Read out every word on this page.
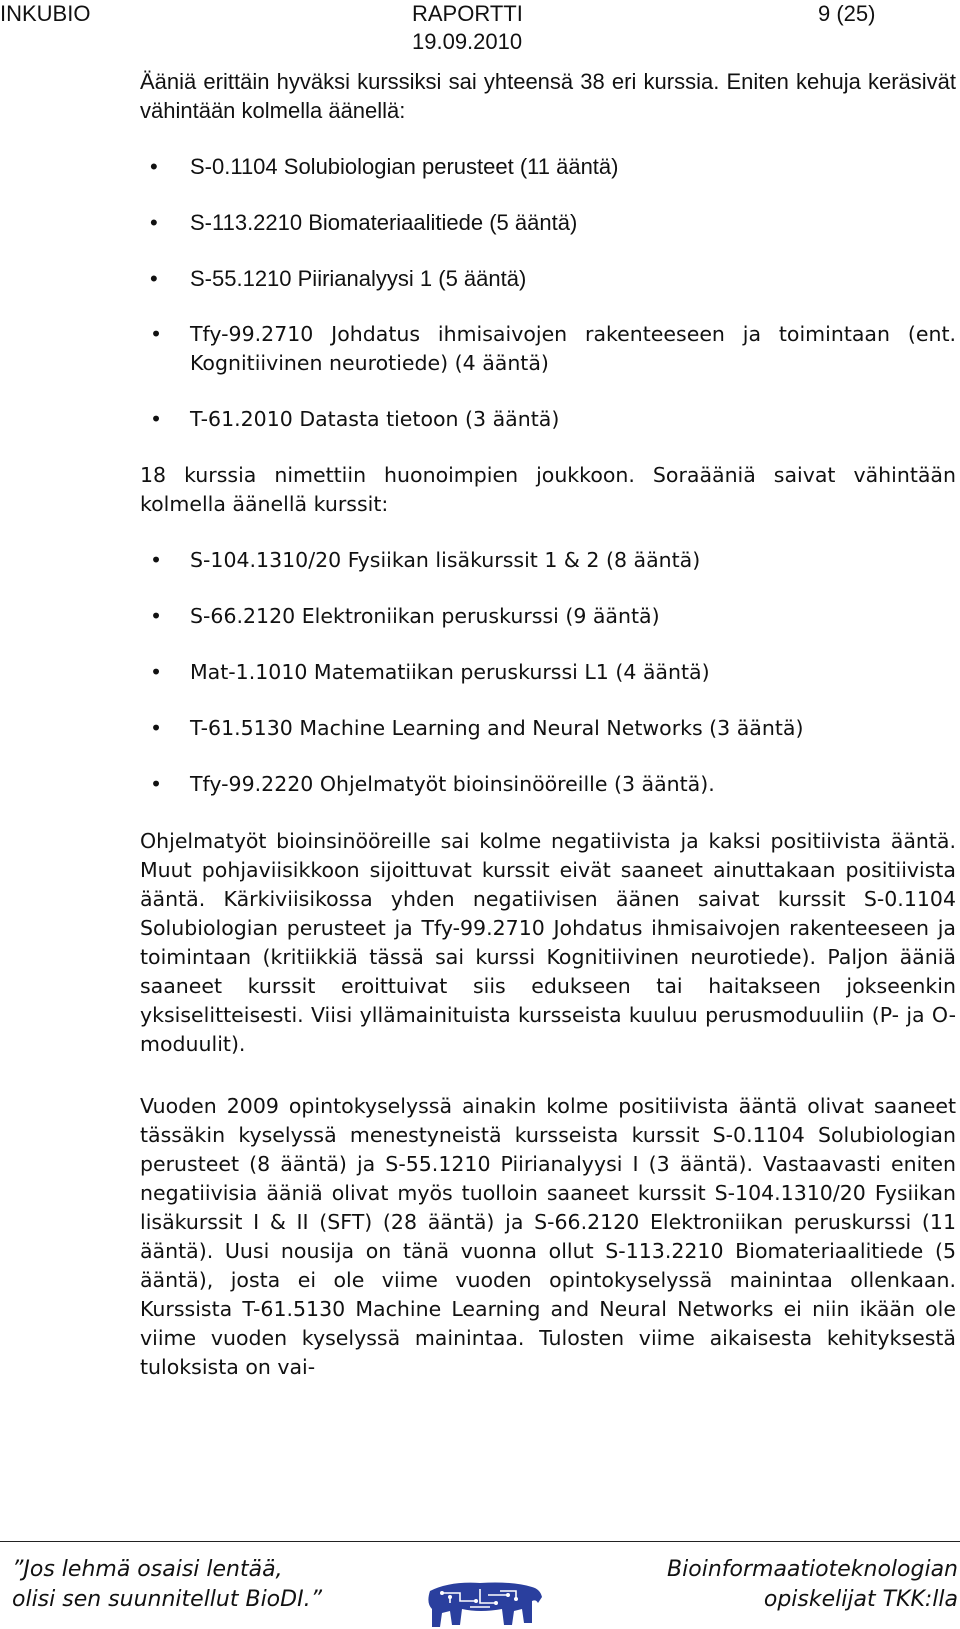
INKUBIO	RAPORTTI
19.09.2010
9 (25)

Ääniä erittäin hyväksi kurssiksi sai yhteensä 38 eri kurssia. Eniten kehuja keräsivät vähintään kolmella äänellä:

• S-0.1104 Solubiologian perusteet (11 ääntä)
• S-113.2210 Biomateriaalitiede (5 ääntä)
• S-55.1210 Piirianalyysi 1 (5 ääntä)
• Tfy-99.2710 Johdatus ihmisaivojen rakenteeseen ja toimintaan (ent. Kognitiivinen neurotiede) (4 ääntä)
• T-61.2010 Datasta tietoon (3 ääntä)

18 kurssia nimettiin huonoimpien joukkoon. Soraääniä saivat vähintään kolmella äänellä kurssit:

• S-104.1310/20 Fysiikan lisäkurssit 1 & 2 (8 ääntä)
• S-66.2120 Elektroniikan peruskurssi (9 ääntä)
• Mat-1.1010 Matematiikan peruskurssi L1 (4 ääntä)
• T-61.5130 Machine Learning and Neural Networks (3 ääntä)
• Tfy-99.2220 Ohjelmatyöt bioinsinööreille (3 ääntä).

Ohjelmatyöt bioinsinööreille sai kolme negatiivista ja kaksi positiivista ääntä. Muut pohjaviisikkoon sijoittuvat kurssit eivät saaneet ainuttakaan positiivista ääntä. Kärkiviisikossa yhden negatiivisen äänen saivat kurssit S-0.1104 Solubiologian perusteet ja Tfy-99.2710 Johdatus ihmisaivojen rakenteeseen ja toimintaan (kritiikkiä tässä sai kurssi Kognitiivinen neurotiede). Paljon ääniä saaneet kurssit eroittuivat siis edukseen tai haitakseen jokseenkin yksiselitteisesti. Viisi yllämainituista kursseista kuuluu perusmoduuliin (P- ja O-moduulit).

Vuoden 2009 opintokyselyssä ainakin kolme positiivista ääntä olivat saaneet tässäkin kyselyssä menestyneistä kursseista kurssit S-0.1104 Solubiologian perusteet (8 ääntä) ja S-55.1210 Piirianalyysi I (3 ääntä). Vastaavasti eniten negatiivisia ääniä olivat myös tuolloin saaneet kurssit S-104.1310/20 Fysiikan lisäkurssit I & II (SFT) (28 ääntä) ja S-66.2120 Elektroniikan peruskurssi (11 ääntä). Uusi nousija on tänä vuonna ollut S-113.2210 Biomateriaalitiede (5 ääntä), josta ei ole viime vuoden opintokyselyssä mainintaa ollenkaan. Kurssista T-61.5130 Machine Learning and Neural Networks ei niin ikään ole viime vuoden kyselyssä mainintaa. Tulosten viime aikaisesta kehityksestä tuloksista on vai-

”Jos lehmä osaisi lentää,
olisi sen suunnitellut BioDI.”
Bioinformaatioteknologian
opiskelijat TKK:lla
